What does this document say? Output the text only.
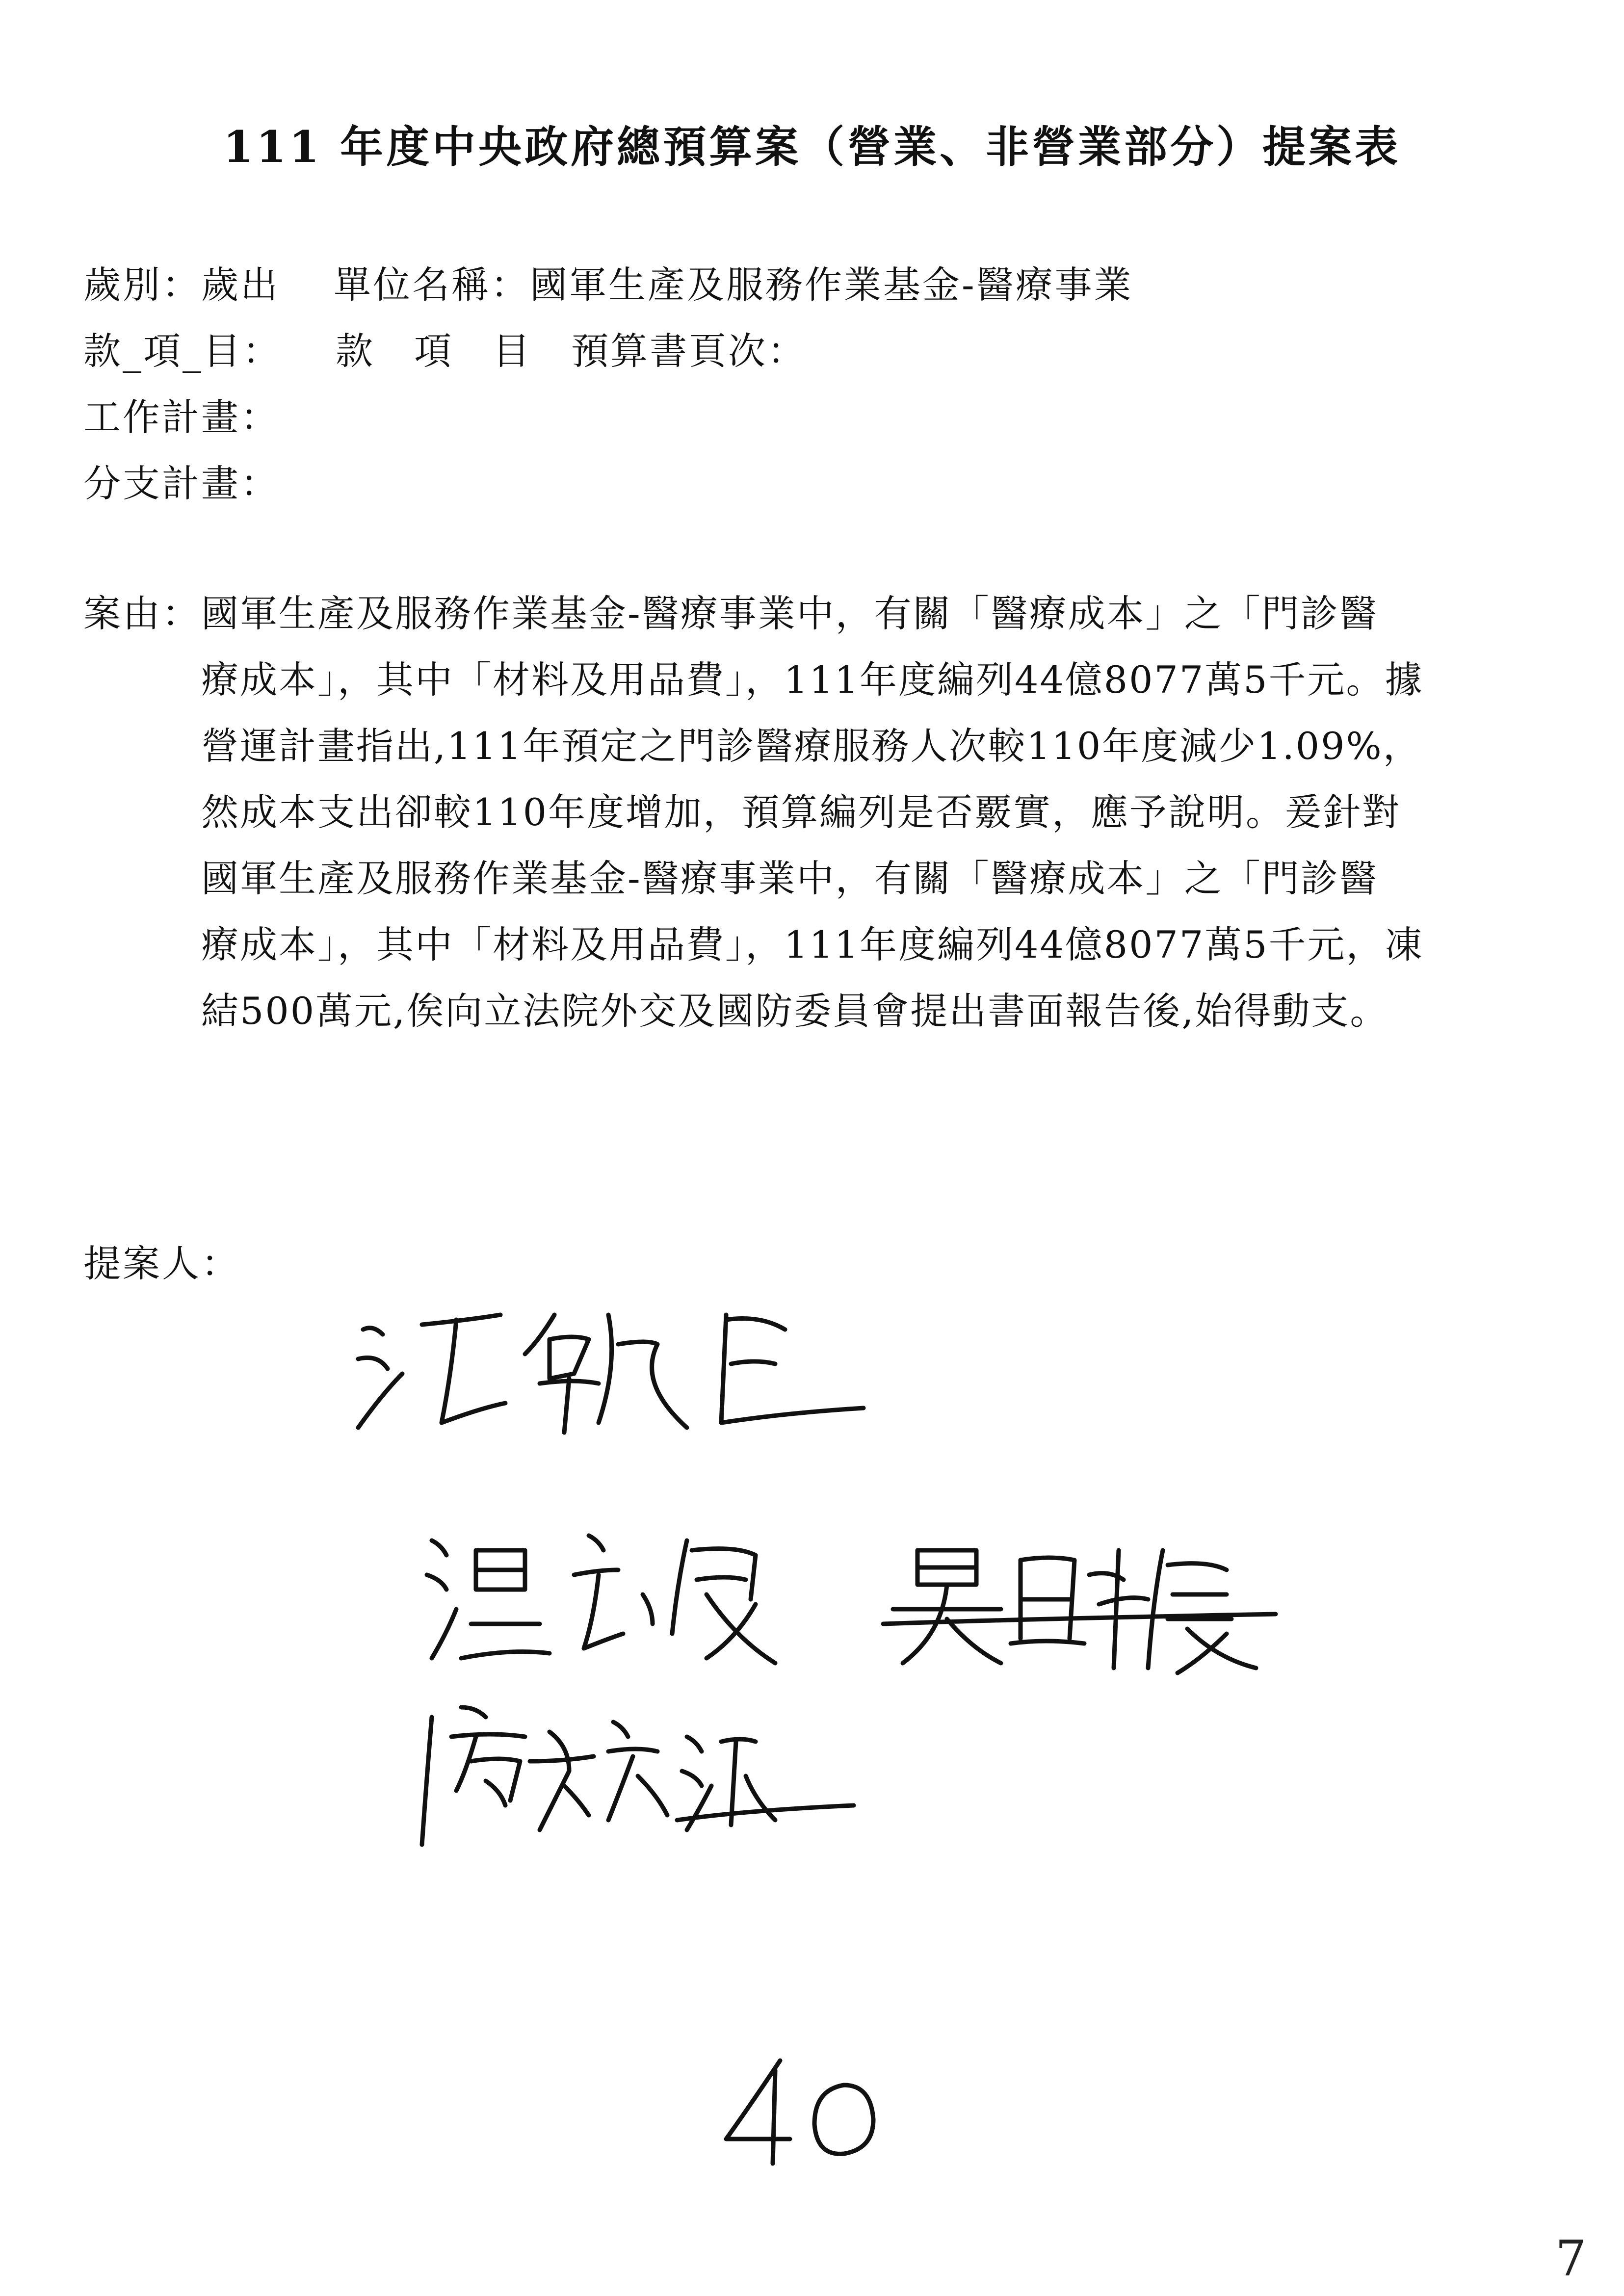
111 年度中央政府總預算案（營業、非營業部分）提案表
歲別：歲出 單位名稱：國軍生產及服務作業基金-醫療事業
款_項_目： 款　項　目　預算書頁次：
工作計畫：
分支計畫：
案由： 國軍生產及服務作業基金-醫療事業中，有關「醫療成本」之「門診醫
療成本」，其中「材料及用品費」，111年度編列44億8077萬5千元。據
營運計畫指出,111年預定之門診醫療服務人次較110年度減少1.09%，
然成本支出卻較110年度增加，預算編列是否覈實，應予說明。爰針對
國軍生產及服務作業基金-醫療事業中，有關「醫療成本」之「門診醫
療成本」，其中「材料及用品費」，111年度編列44億8077萬5千元，凍
結500萬元,俟向立法院外交及國防委員會提出書面報告後,始得動支。
提案人：
7
